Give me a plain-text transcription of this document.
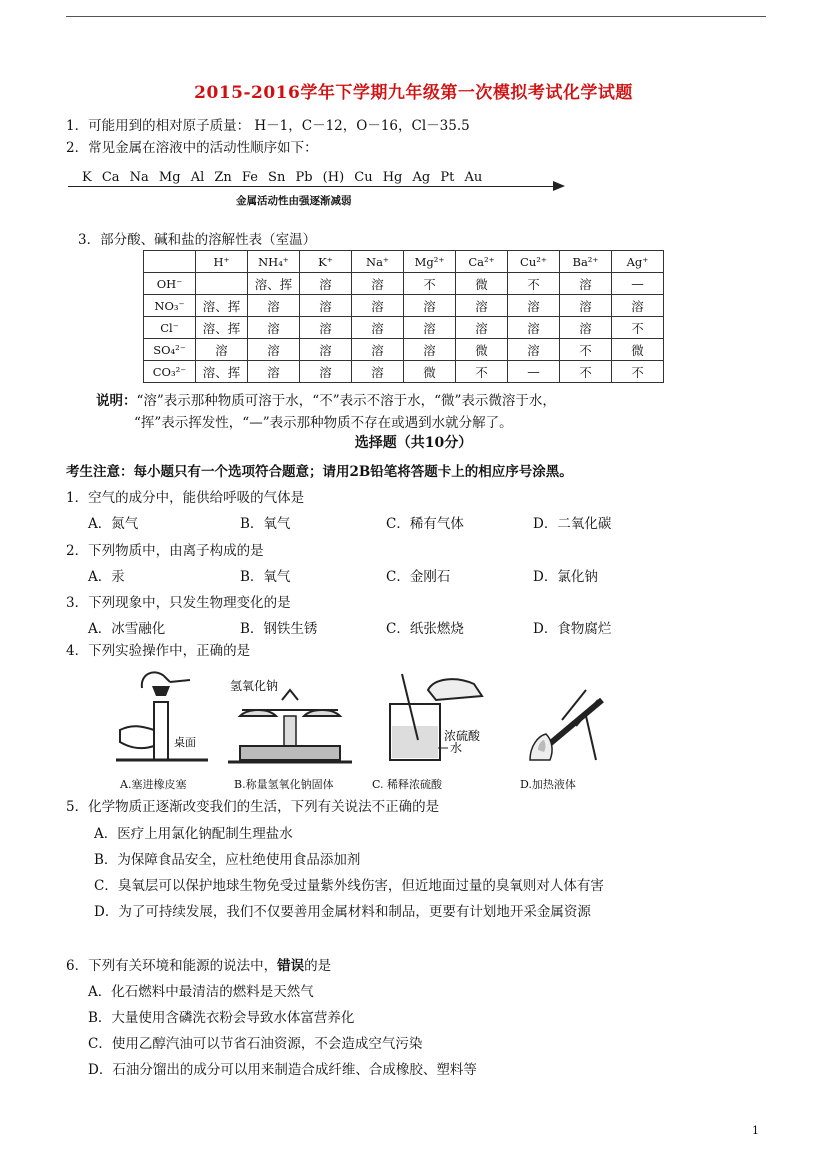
2015-2016学年下学期九年级第一次模拟考试化学试题
1．可能用到的相对原子质量： H－1，C－12，O－16，Cl－35.5
2．常见金属在溶液中的活动性顺序如下：
K Ca Na Mg Al Zn Fe Sn Pb (H) Cu Hg Ag Pt Au
金属活动性由强逐渐减弱
3．部分酸、碱和盐的溶解性表（室温）
	H⁺	NH₄⁺	K⁺	Na⁺	Mg²⁺	Ca²⁺	Cu²⁺	Ba²⁺	Ag⁺
OH⁻		溶、挥	溶	溶	不	微	不	溶	—
NO₃⁻	溶、挥	溶	溶	溶	溶	溶	溶	溶	溶
Cl⁻	溶、挥	溶	溶	溶	溶	溶	溶	溶	不
SO₄²⁻	溶	溶	溶	溶	溶	微	溶	不	微
CO₃²⁻	溶、挥	溶	溶	溶	微	不	—	不	不
说明：“溶”表示那种物质可溶于水，“不”表示不溶于水，“微”表示微溶于水，
“挥”表示挥发性，“—”表示那种物质不存在或遇到水就分解了。
选择题（共10分）
考生注意：每小题只有一个选项符合题意；请用2B铅笔将答题卡上的相应序号涂黑。
1．空气的成分中，能供给呼吸的气体是
A．氮气	B．氧气	C．稀有气体	D．二氧化碳
2．下列物质中，由离子构成的是
A．汞	B．氧气	C．金刚石	D．氯化钠
3．下列现象中，只发生物理变化的是
A．冰雪融化	B．钢铁生锈	C．纸张燃烧	D．食物腐烂
4．下列实验操作中，正确的是
桌面
氢氧化钠
浓硫酸
水
A.塞进橡皮塞	B.称量氢氧化钠固体	C. 稀释浓硫酸	D.加热液体
5．化学物质正逐渐改变我们的生活，下列有关说法不正确的是
A．医疗上用氯化钠配制生理盐水
B．为保障食品安全，应杜绝使用食品添加剂
C．臭氧层可以保护地球生物免受过量紫外线伤害，但近地面过量的臭氧则对人体有害
D．为了可持续发展，我们不仅要善用金属材料和制品，更要有计划地开采金属资源
6．下列有关环境和能源的说法中，错误的是
A．化石燃料中最清洁的燃料是天然气
B．大量使用含磷洗衣粉会导致水体富营养化
C．使用乙醇汽油可以节省石油资源，不会造成空气污染
D．石油分馏出的成分可以用来制造合成纤维、合成橡胶、塑料等
1
